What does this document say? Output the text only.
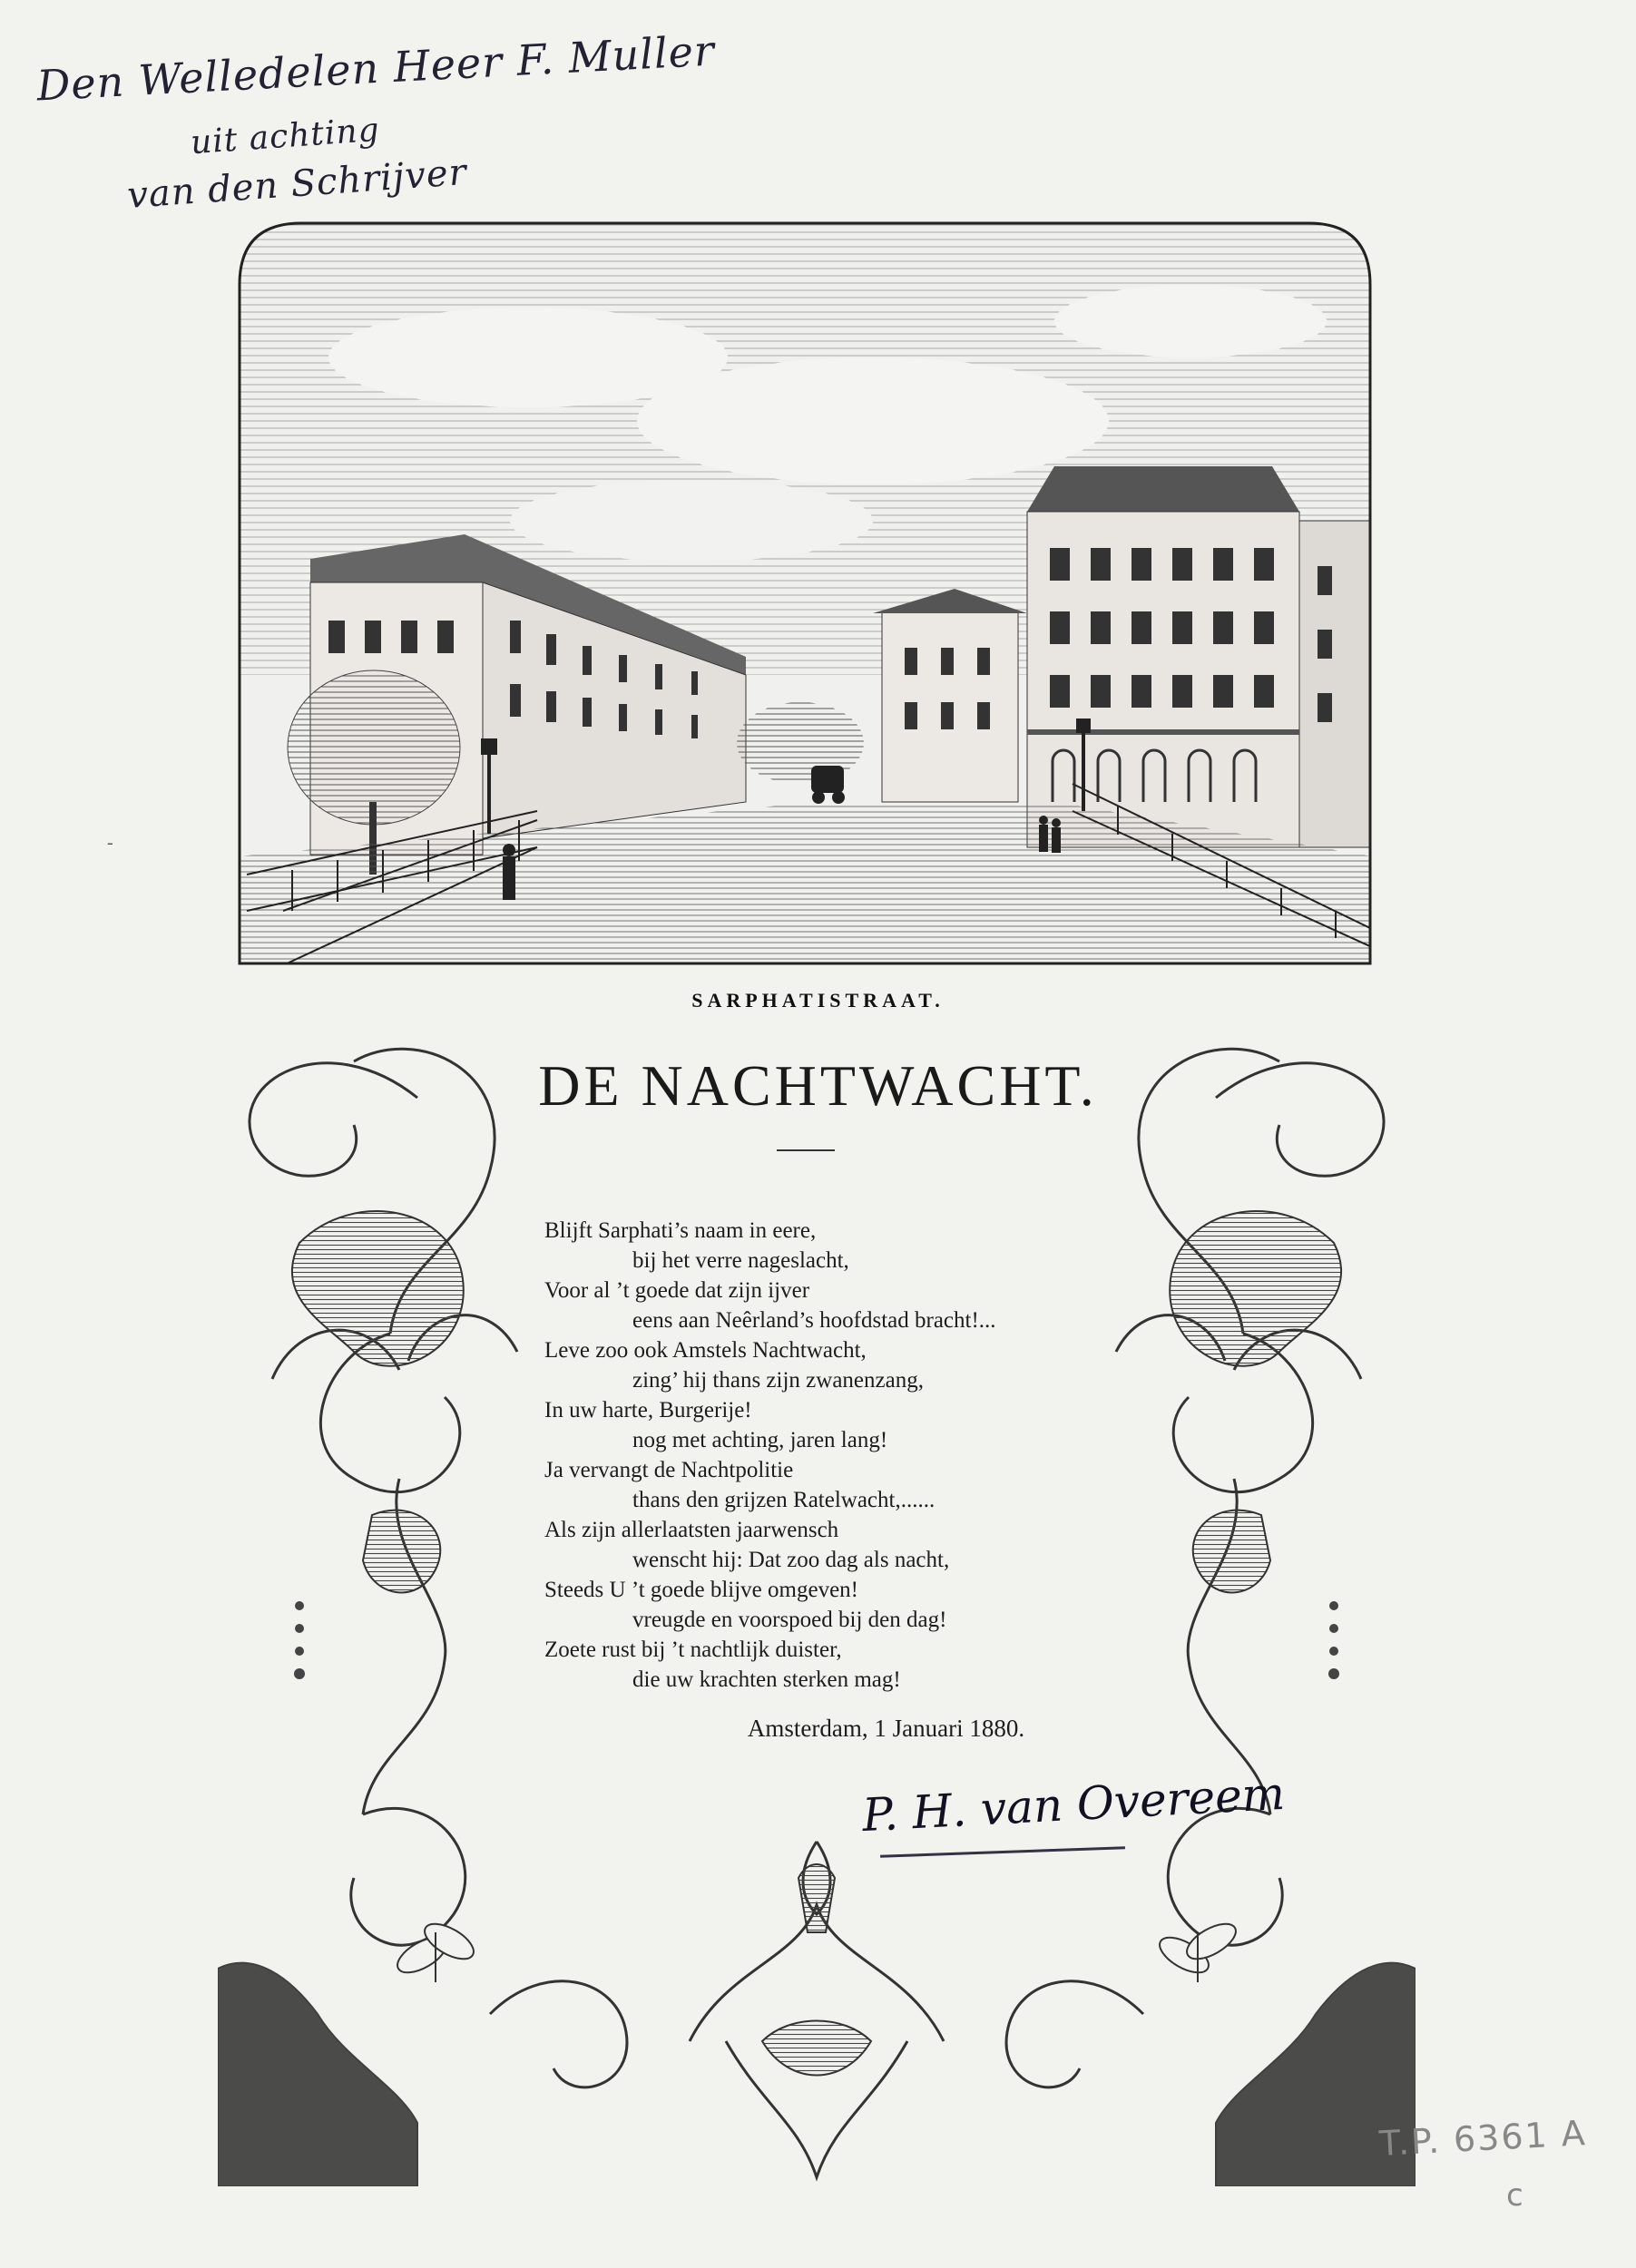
Den Welledelen Heer F. Muller
uit achting
van den Schrijver
SARPHATISTRAAT.
DE NACHTWACHT.
Blijft Sarphati’s naam in eere,
bij het verre nageslacht,
Voor al ’t goede dat zijn ijver
eens aan Neêrland’s hoofdstad bracht!...
Leve zoo ook Amstels Nachtwacht,
zing’ hij thans zijn zwanenzang,
In uw harte, Burgerije!
nog met achting, jaren lang!
Ja vervangt de Nachtpolitie
thans den grijzen Ratelwacht,......
Als zijn allerlaatsten jaarwensch
wenscht hij: Dat zoo dag als nacht,
Steeds U ’t goede blijve omgeven!
vreugde en voorspoed bij den dag!
Zoete rust bij ’t nachtlijk duister,
die uw krachten sterken mag!
Amsterdam, 1 Januari 1880.
P. H. van Overeem
T.P. 6361 A
c
-
